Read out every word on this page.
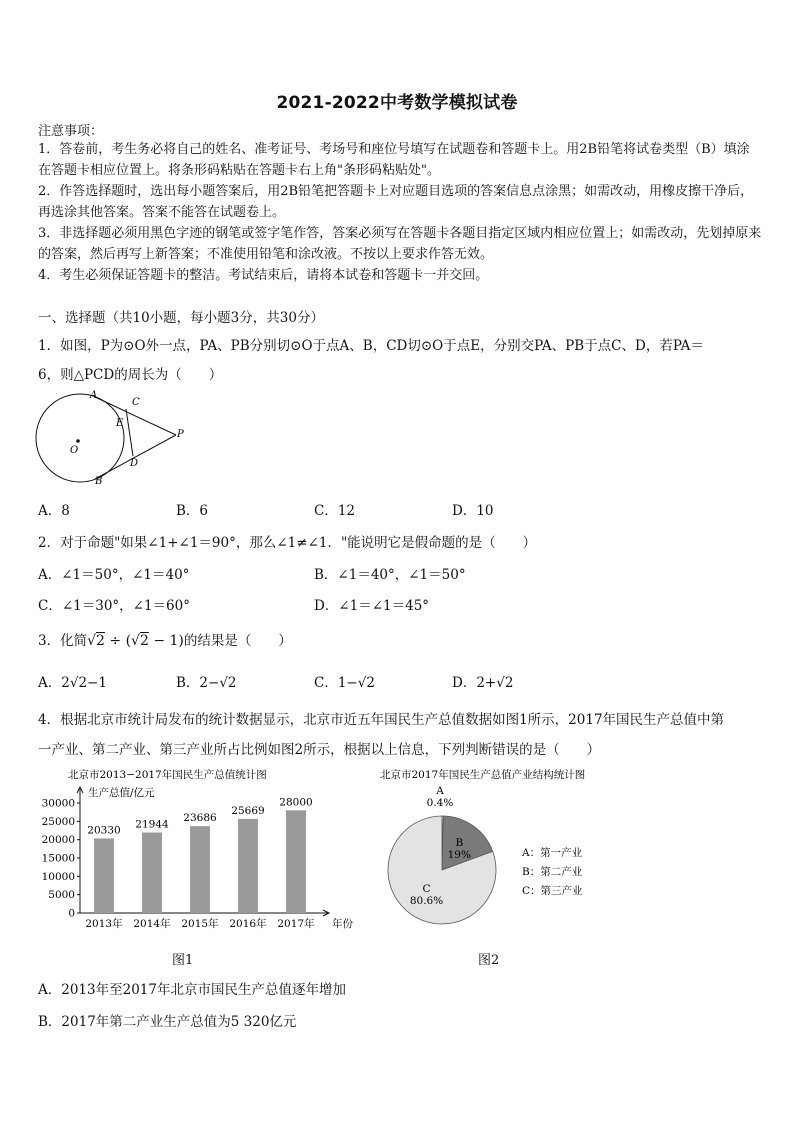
2021-2022中考数学模拟试卷
注意事项：
1．答卷前，考生务必将自己的姓名、准考证号、考场号和座位号填写在试题卷和答题卡上。用2B铅笔将试卷类型（B）填涂在答题卡相应位置上。将条形码粘贴在答题卡右上角"条形码粘贴处"。
2．作答选择题时，选出每小题答案后，用2B铅笔把答题卡上对应题目选项的答案信息点涂黑；如需改动，用橡皮擦干净后，再选涂其他答案。答案不能答在试题卷上。
3．非选择题必须用黑色字迹的钢笔或签字笔作答，答案必须写在答题卡各题目指定区域内相应位置上；如需改动，先划掉原来的答案，然后再写上新答案；不准使用铅笔和涂改液。不按以上要求作答无效。
4．考生必须保证答题卡的整洁。考试结束后，请将本试卷和答题卡一并交回。
一、选择题（共10小题，每小题3分，共30分）
1．如图，P为⊙O外一点，PA、PB分别切⊙O于点A、B，CD切⊙O于点E，分别交PA、PB于点C、D，若PA＝
6，则△PCD的周长为（　　）
A
C
E
O
P
D
B
A．8	B．6	C．12	D．10
2．对于命题"如果∠1+∠1＝90°，那么∠1≠∠1．"能说明它是假命题的是（　　）
A．∠1＝50°，∠1＝40°	B．∠1＝40°，∠1＝50°
C．∠1＝30°，∠1＝60°	D．∠1＝∠1＝45°
3．化简√2 ÷ (√2 − 1)的结果是（　　）
A．2√2−1	B．2−√2	C．1−√2	D．2+√2
4．根据北京市统计局发布的统计数据显示，北京市近五年国民生产总值数据如图1所示，2017年国民生产总值中第
一产业、第二产业、第三产业所占比例如图2所示，根据以上信息，下列判断错误的是（　　）
北京市2013−2017年国民生产总值统计图
生产总值/亿元
年份
0
5000
10000
15000
20000
25000
30000
20330
2013年
21944
2014年
23686
2015年
25669
2016年
28000
2017年
北京市2017年国民生产总值产业结构统计图
A
0.4%
B
19%
C
80.6%
A：第一产业
B：第二产业
C：第三产业
图1	图2
A．2013年至2017年北京市国民生产总值逐年增加
B．2017年第二产业生产总值为5 320亿元
